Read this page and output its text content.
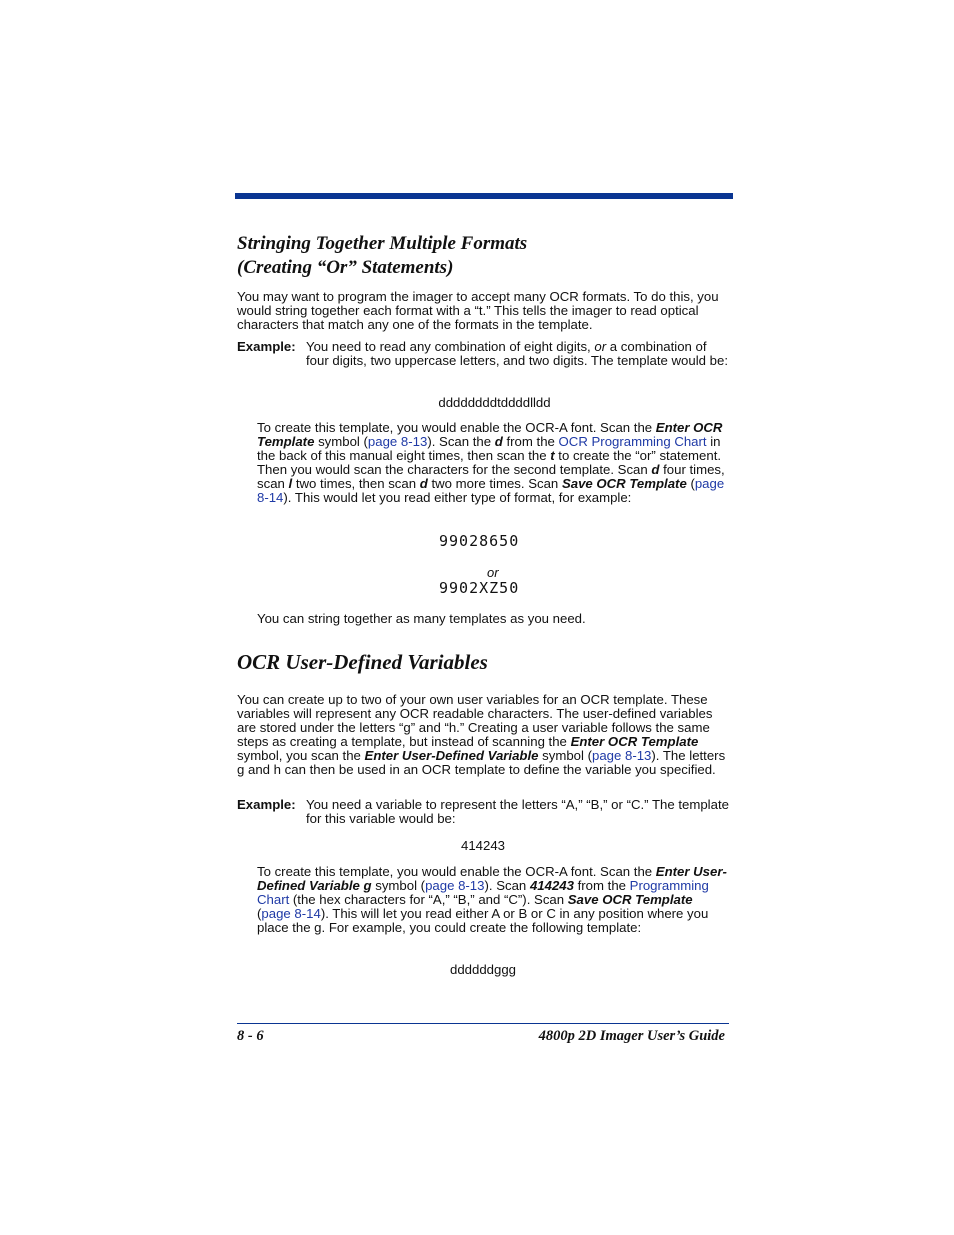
Stringing Together Multiple Formats
(Creating “Or” Statements)

You may want to program the imager to accept many OCR formats. To do this, you would string together each format with a “t.” This tells the imager to read optical characters that match any one of the formats in the template.

Example: You need to read any combination of eight digits, or a combination of four digits, two uppercase letters, and two digits. The template would be:

ddddddddtddddlldd

To create this template, you would enable the OCR-A font. Scan the Enter OCR Template symbol (page 8-13). Scan the d from the OCR Programming Chart in the back of this manual eight times, then scan the t to create the “or” statement. Then you would scan the characters for the second template. Scan d four times, scan l two times, then scan d two more times. Scan Save OCR Template (page 8-14). This would let you read either type of format, for example:

99028650
or
9902XZ50

You can string together as many templates as you need.

OCR User-Defined Variables

You can create up to two of your own user variables for an OCR template. These variables will represent any OCR readable characters. The user-defined variables are stored under the letters “g” and “h.” Creating a user variable follows the same steps as creating a template, but instead of scanning the Enter OCR Template symbol, you scan the Enter User-Defined Variable symbol (page 8-13). The letters g and h can then be used in an OCR template to define the variable you specified.

Example: You need a variable to represent the letters “A,” “B,” or “C.” The template for this variable would be:

414243

To create this template, you would enable the OCR-A font. Scan the Enter User-Defined Variable g symbol (page 8-13). Scan 414243 from the Programming Chart (the hex characters for “A,” “B,” and “C”). Scan Save OCR Template (page 8-14). This will let you read either A or B or C in any position where you place the g. For example, you could create the following template:

ddddddggg
8 - 6	4800p 2D Imager User’s Guide
